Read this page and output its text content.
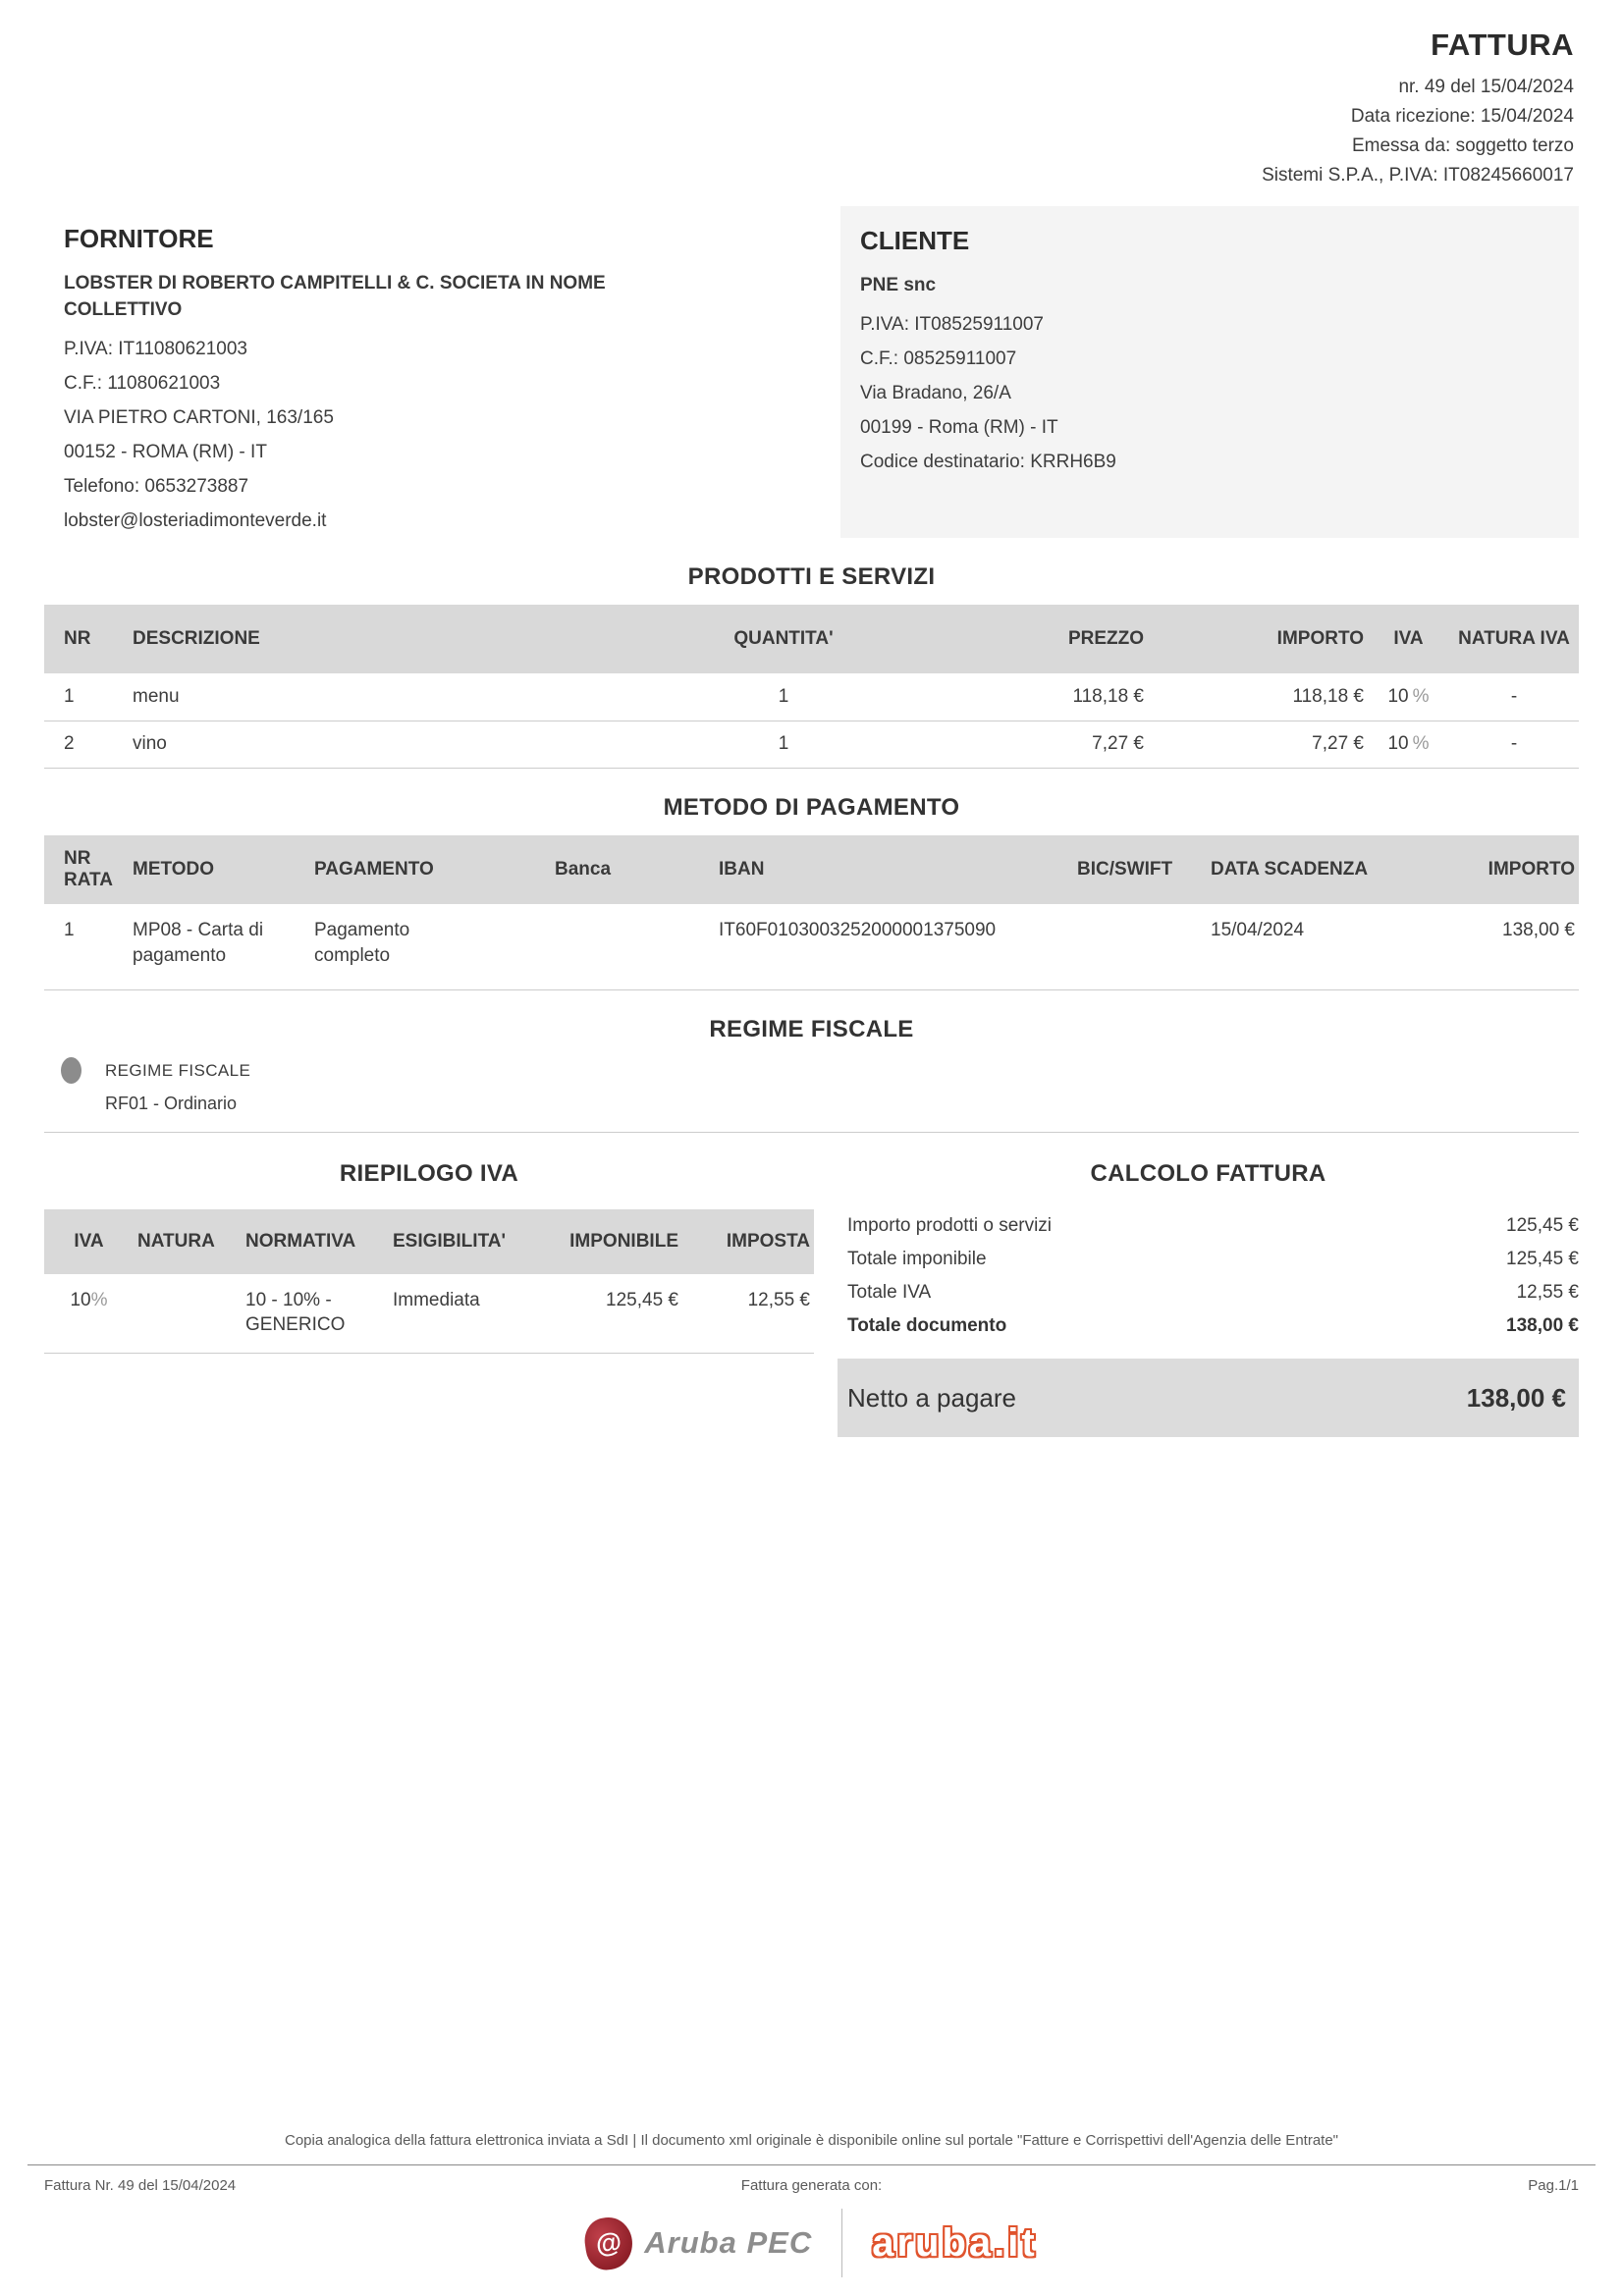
FATTURA
nr. 49 del 15/04/2024
Data ricezione: 15/04/2024
Emessa da: soggetto terzo
Sistemi S.P.A., P.IVA: IT08245660017
FORNITORE
LOBSTER DI ROBERTO CAMPITELLI & C. SOCIETA IN NOME COLLETTIVO
P.IVA: IT11080621003
C.F.: 11080621003
VIA PIETRO CARTONI, 163/165
00152 - ROMA (RM) - IT
Telefono: 0653273887
lobster@losteriadimonteverde.it
CLIENTE
PNE snc
P.IVA: IT08525911007
C.F.: 08525911007
Via Bradano, 26/A
00199 - Roma (RM) - IT
Codice destinatario: KRRH6B9
PRODOTTI E SERVIZI
NR	DESCRIZIONE	QUANTITA'	PREZZO	IMPORTO	IVA	NATURA IVA
1	menu	1	118,18 €	118,18 €	10 %	-
2	vino	1	7,27 €	7,27 €	10 %	-
METODO DI PAGAMENTO
NR RATA	METODO	PAGAMENTO	Banca	IBAN	BIC/SWIFT	DATA SCADENZA	IMPORTO
1	MP08 - Carta di pagamento	Pagamento completo		IT60F0103003252000001375090		15/04/2024	138,00 €
REGIME FISCALE
REGIME FISCALE
RF01 - Ordinario
RIEPILOGO IVA
IVA	NATURA	NORMATIVA	ESIGIBILITA'	IMPONIBILE	IMPOSTA
10%		10 - 10% - GENERICO	Immediata	125,45 €	12,55 €
CALCOLO FATTURA
Importo prodotti o servizi	125,45 €
Totale imponibile	125,45 €
Totale IVA	12,55 €
Totale documento	138,00 €
Netto a pagare	138,00 €
Copia analogica della fattura elettronica inviata a SdI | Il documento xml originale è disponibile online sul portale "Fatture e Corrispettivi dell'Agenzia delle Entrate"
Fattura Nr. 49 del 15/04/2024	Fattura generata con:	Pag.1/1
@ Aruba PEC aruba.it
